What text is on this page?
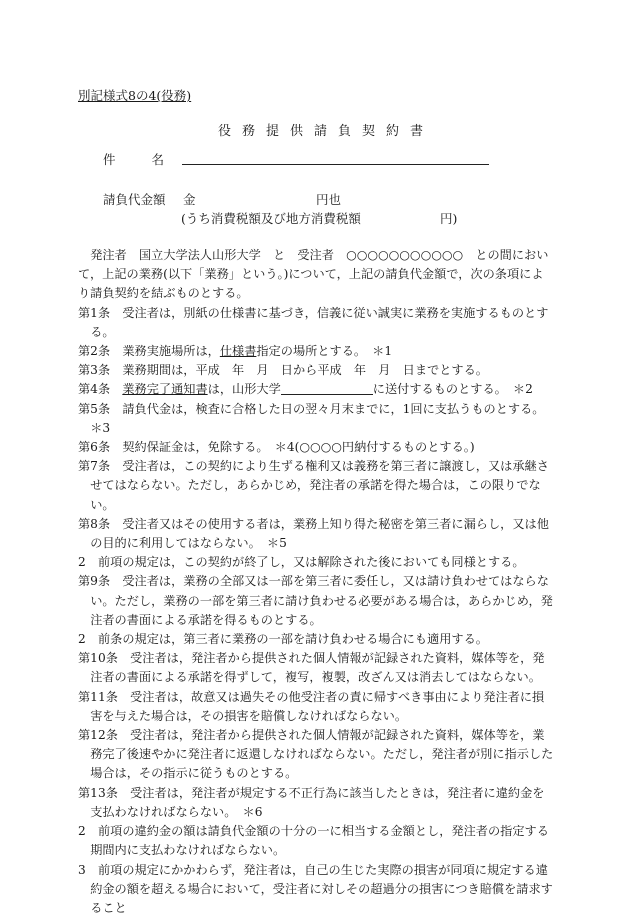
別記様式8の4(役務)
役務提供請負契約書
件	名
請負代金額 金	円也
(うち消費税額及び地方消費税額	円)

発注者　国立大学法人山形大学　と　受注者　○○○○○○○○○○○　との間において，上記の業務(以下「業務」という。)について，上記の請負代金額で，次の条項により請負契約を結ぶものとする。

第1条　受注者は，別紙の仕様書に基づき，信義に従い誠実に業務を実施するものとする。

第2条　業務実施場所は，仕様書指定の場所とする。　＊1

第3条　業務期間は，平成　年　月　日から平成　年　月　日までとする。

第4条　業務完了通知書は，山形大学	に送付するものとする。　＊2

第5条　請負代金は，検査に合格した日の翌々月末までに，1回に支払うものとする。　＊3

第6条　契約保証金は，免除する。　＊4(○○○○円納付するものとする。)

第7条　受注者は，この契約により生ずる権利又は義務を第三者に譲渡し，又は承継させてはならない。ただし，あらかじめ，発注者の承諾を得た場合は，この限りでない。

第8条　受注者又はその使用する者は，業務上知り得た秘密を第三者に漏らし，又は他の目的に利用してはならない。　＊5

2　前項の規定は，この契約が終了し，又は解除された後においても同様とする。

第9条　受注者は，業務の全部又は一部を第三者に委任し，又は請け負わせてはならない。ただし，業務の一部を第三者に請け負わせる必要がある場合は，あらかじめ，発注者の書面による承諾を得るものとする。

2　前条の規定は，第三者に業務の一部を請け負わせる場合にも適用する。

第10条　受注者は，発注者から提供された個人情報が記録された資料，媒体等を，発注者の書面による承諾を得ずして，複写，複製，改ざん又は消去してはならない。

第11条　受注者は，故意又は過失その他受注者の責に帰すべき事由により発注者に損害を与えた場合は，その損害を賠償しなければならない。

第12条　受注者は，発注者から提供された個人情報が記録された資料，媒体等を，業務完了後速やかに発注者に返還しなければならない。ただし，発注者が別に指示した場合は，その指示に従うものとする。

第13条　受注者は，発注者が規定する不正行為に該当したときは，発注者に違約金を支払わなければならない。　＊6

2　前項の違約金の額は請負代金額の十分の一に相当する金額とし，発注者の指定する期間内に支払わなければならない。

3　前項の規定にかかわらず，発注者は，自己の生じた実際の損害が同項に規定する違約金の額を超える場合において，受注者に対しその超過分の損害につき賠償を請求すること
